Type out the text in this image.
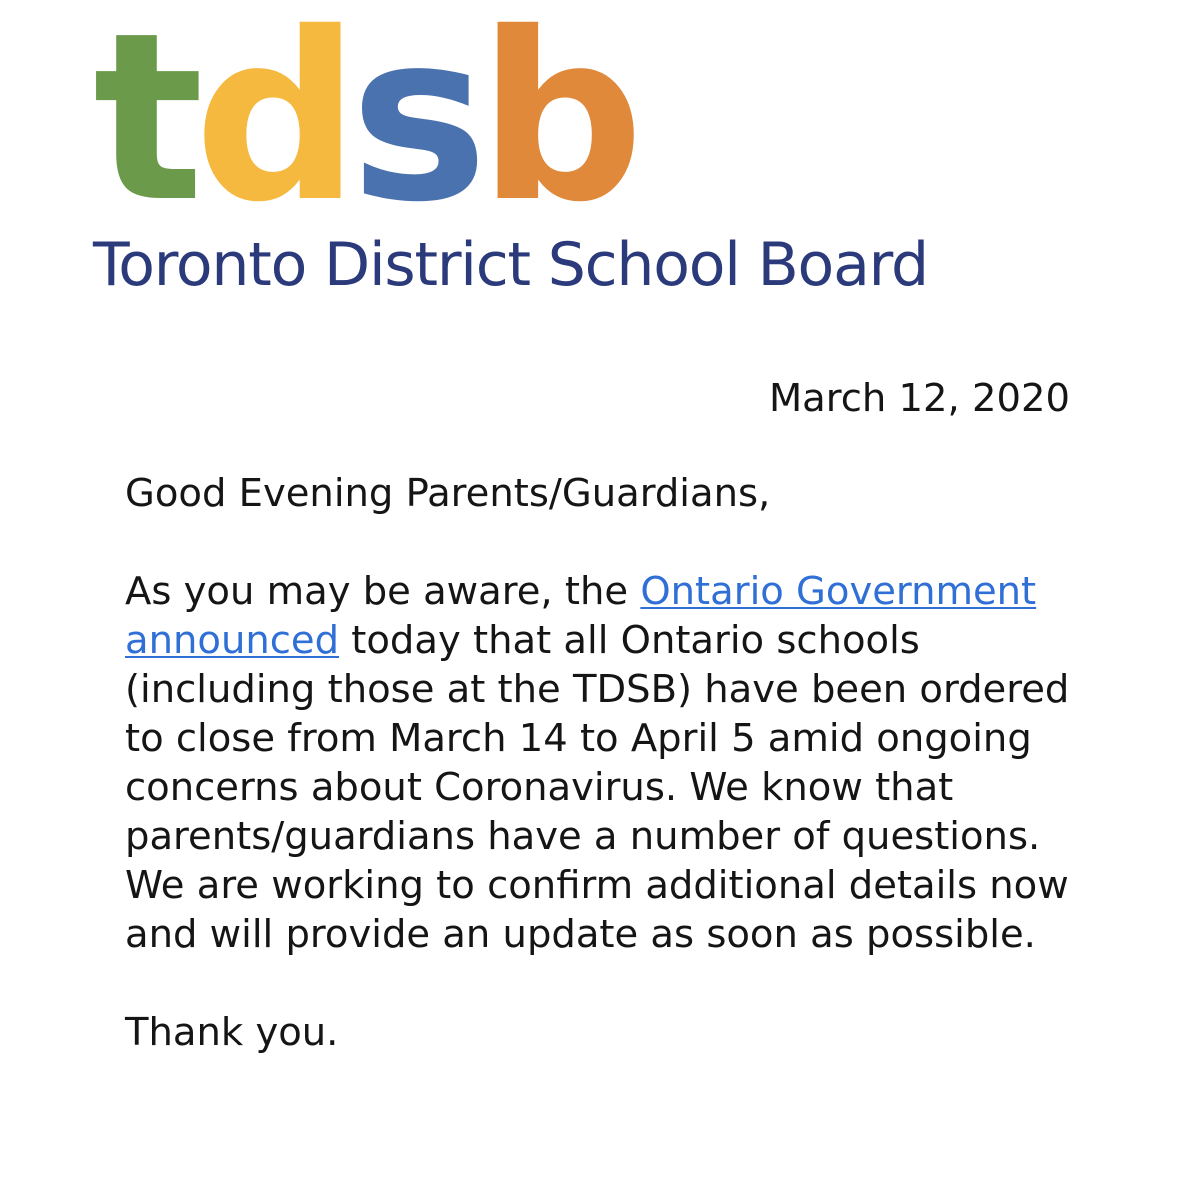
tdsb
Toronto District School Board

March 12, 2020

Good Evening Parents/Guardians,

As you may be aware, the Ontario Government announced today that all Ontario schools (including those at the TDSB) have been ordered to close from March 14 to April 5 amid ongoing concerns about Coronavirus. We know that parents/guardians have a number of questions. We are working to confirm additional details now and will provide an update as soon as possible.

Thank you.
